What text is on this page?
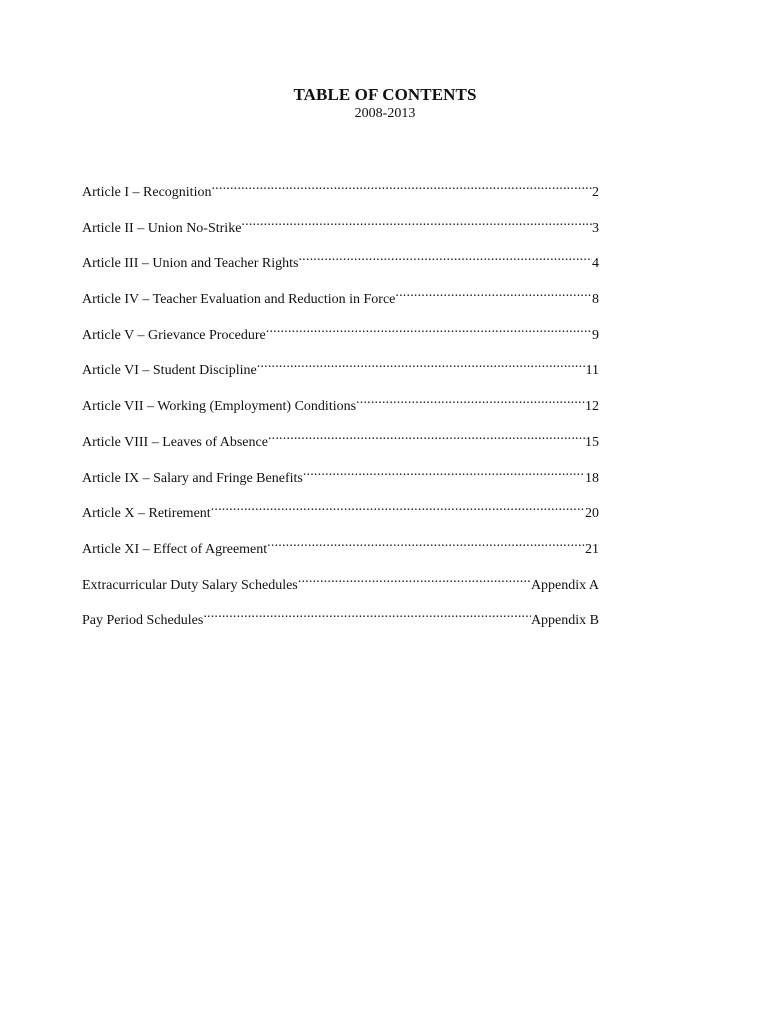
TABLE OF CONTENTS
2008-2013
Article I – Recognition .....	2
Article II – Union No-Strike .....	3
Article III – Union and Teacher Rights .....	4
Article IV – Teacher Evaluation and Reduction in Force .....	8
Article V – Grievance Procedure .....	9
Article VI – Student Discipline .....	11
Article VII – Working (Employment) Conditions .....	12
Article VIII – Leaves of Absence .....	15
Article IX – Salary and Fringe Benefits .....	18
Article X – Retirement .....	20
Article XI – Effect of Agreement .....	21
Extracurricular Duty Salary Schedules .....	Appendix A
Pay Period Schedules .....	Appendix B
